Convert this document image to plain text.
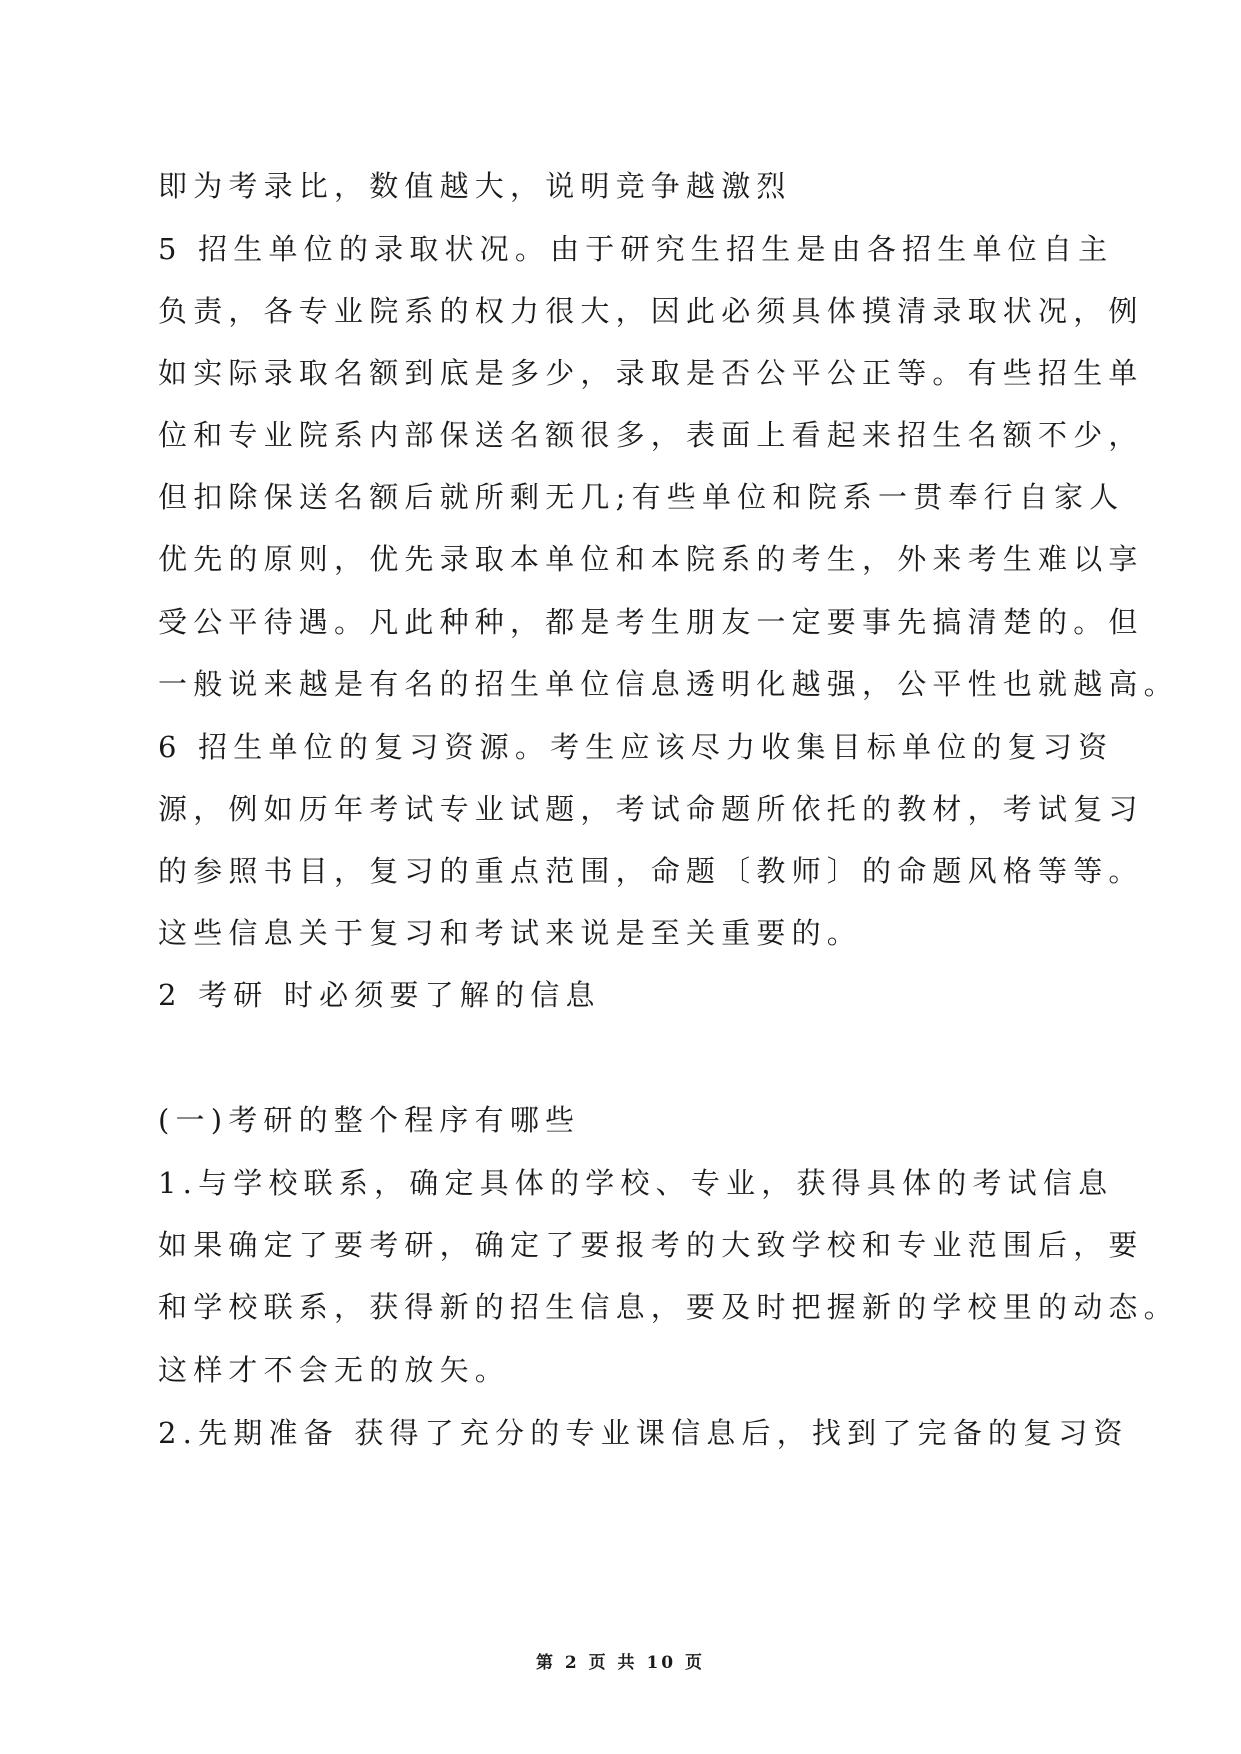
即为考录比，数值越大，说明竞争越激烈
5 招生单位的录取状况。由于研究生招生是由各招生单位自主
负责，各专业院系的权力很大，因此必须具体摸清录取状况，例
如实际录取名额到底是多少，录取是否公平公正等。有些招生单
位和专业院系内部保送名额很多，表面上看起来招生名额不少，
但扣除保送名额后就所剩无几;有些单位和院系一贯奉行自家人
优先的原则，优先录取本单位和本院系的考生，外来考生难以享
受公平待遇。凡此种种，都是考生朋友一定要事先搞清楚的。但
一般说来越是有名的招生单位信息透明化越强，公平性也就越高。
6 招生单位的复习资源。考生应该尽力收集目标单位的复习资
源，例如历年考试专业试题，考试命题所依托的教材，考试复习
的参照书目，复习的重点范围，命题〔教师〕的命题风格等等。
这些信息关于复习和考试来说是至关重要的。
2 考研 时必须要了解的信息
(一)考研的整个程序有哪些
1.与学校联系，确定具体的学校、专业，获得具体的考试信息
如果确定了要考研，确定了要报考的大致学校和专业范围后，要
和学校联系，获得新的招生信息，要及时把握新的学校里的动态。
这样才不会无的放矢。
2.先期准备 获得了充分的专业课信息后，找到了完备的复习资
第 2 页 共 10 页
